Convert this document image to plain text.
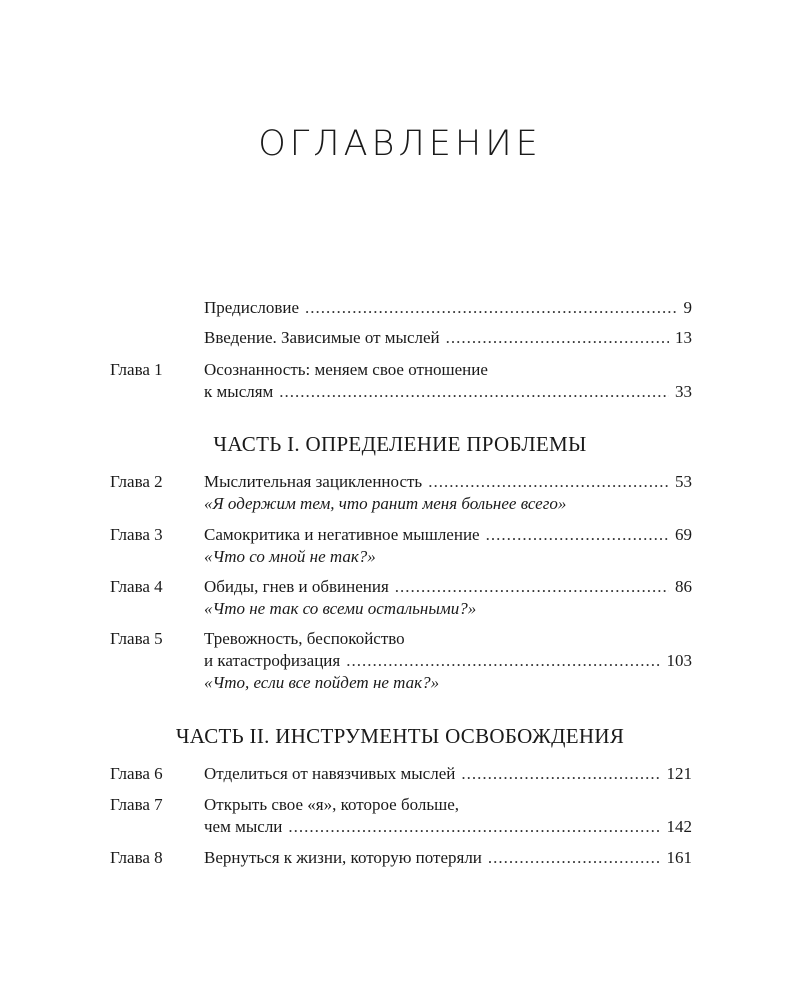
ОГЛАВЛЕНИЕ
Предисловие .....	9
Введение. Зависимые от мыслей .....	13
Глава 1	Осознанность: меняем свое отношение
к мыслям .....	33
ЧАСТЬ I. ОПРЕДЕЛЕНИЕ ПРОБЛЕМЫ
Глава 2	Мыслительная зацикленность .....	53
«Я одержим тем, что ранит меня больнее всего»
Глава 3	Самокритика и негативное мышление .....	69
«Что со мной не так?»
Глава 4	Обиды, гнев и обвинения .....	86
«Что не так со всеми остальными?»
Глава 5	Тревожность, беспокойство
и катастрофизация .....	103
«Что, если все пойдет не так?»
ЧАСТЬ II. ИНСТРУМЕНТЫ ОСВОБОЖДЕНИЯ
Глава 6	Отделиться от навязчивых мыслей .....	121
Глава 7	Открыть свое «я», которое больше,
чем мысли .....	142
Глава 8	Вернуться к жизни, которую потеряли .....	161
